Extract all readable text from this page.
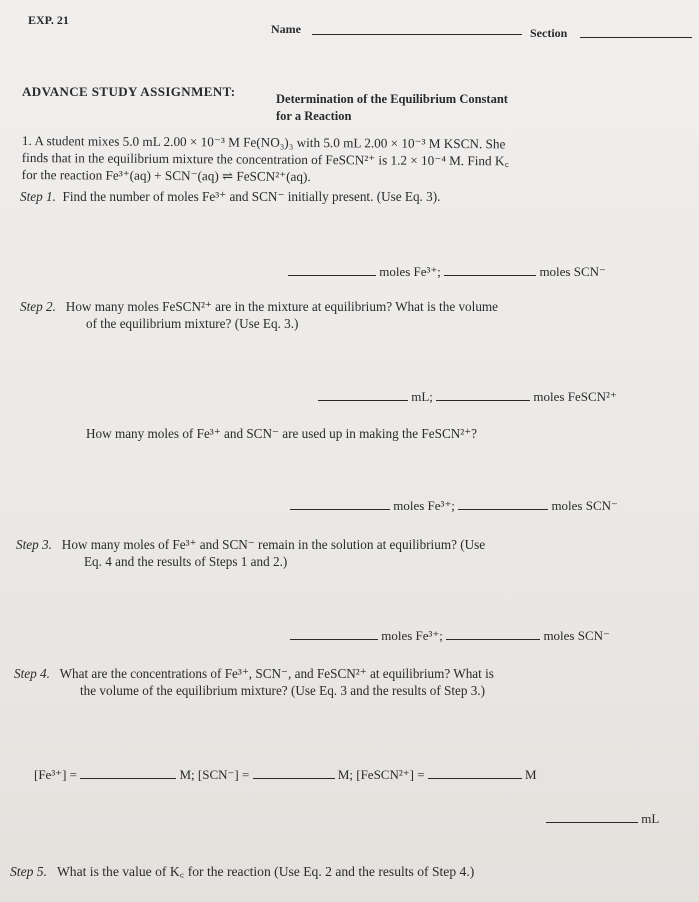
EXP. 21
Name	Section
ADVANCE STUDY ASSIGNMENT:	Determination of the Equilibrium Constant
for a Reaction
1. A student mixes 5.0 mL 2.00 × 10⁻³ M Fe(NO₃)₃ with 5.0 mL 2.00 × 10⁻³ M KSCN. She
finds that in the equilibrium mixture the concentration of FeSCN²⁺ is 1.2 × 10⁻⁴ M. Find K꜀
for the reaction Fe³⁺(aq) + SCN⁻(aq) ⇌ FeSCN²⁺(aq).
Step 1. Find the number of moles Fe³⁺ and SCN⁻ initially present. (Use Eq. 3).
moles Fe³⁺;	moles SCN⁻
Step 2. How many moles FeSCN²⁺ are in the mixture at equilibrium? What is the volume
of the equilibrium mixture? (Use Eq. 3.)
mL;	moles FeSCN²⁺
How many moles of Fe³⁺ and SCN⁻ are used up in making the FeSCN²⁺?
moles Fe³⁺;	moles SCN⁻
Step 3. How many moles of Fe³⁺ and SCN⁻ remain in the solution at equilibrium? (Use
Eq. 4 and the results of Steps 1 and 2.)
moles Fe³⁺;	moles SCN⁻
Step 4. What are the concentrations of Fe³⁺, SCN⁻, and FeSCN²⁺ at equilibrium? What is
the volume of the equilibrium mixture? (Use Eq. 3 and the results of Step 3.)
[Fe³⁺] =	M; [SCN⁻] =	M; [FeSCN²⁺] =	M
mL
Step 5. What is the value of K꜀ for the reaction (Use Eq. 2 and the results of Step 4.)
